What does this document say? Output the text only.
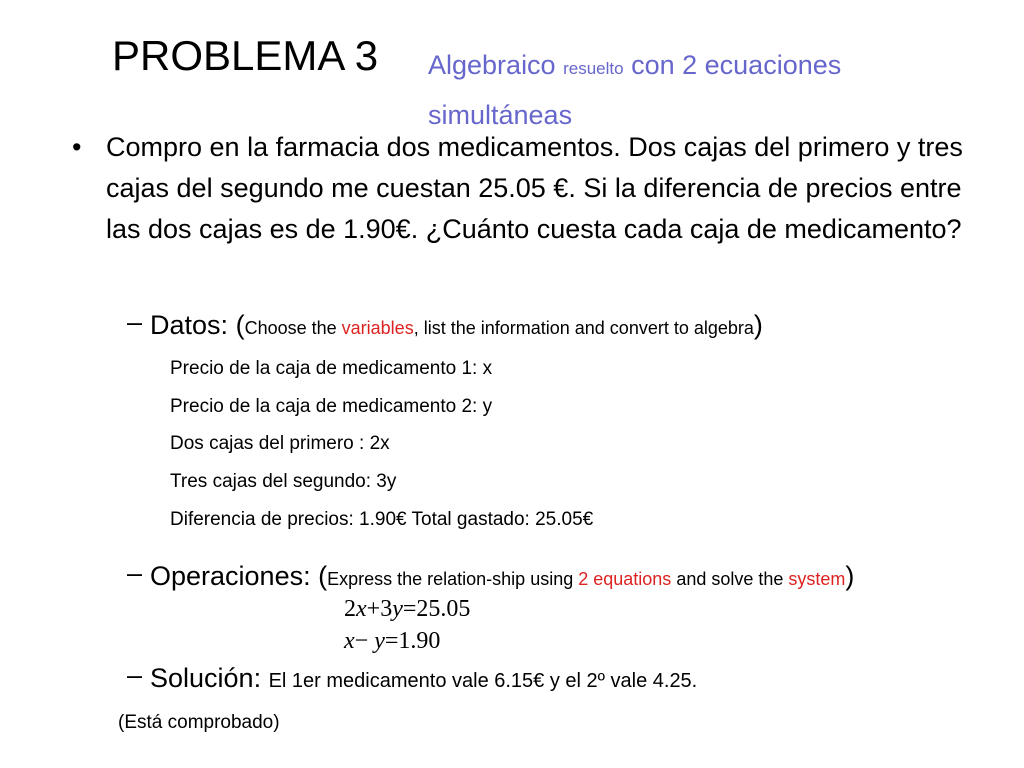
PROBLEMA 3 Algebraico resuelto con 2 ecuaciones simultáneas
• Compro en la farmacia dos medicamentos. Dos cajas del primero y tres cajas del segundo me cuestan 25.05 €. Si la diferencia de precios entre las dos cajas es de 1.90€. ¿Cuánto cuesta cada caja de medicamento?
– Datos: (Choose the variables, list the information and convert to algebra)
Precio de la caja de medicamento 1: x
Precio de la caja de medicamento 2: y
Dos cajas del primero : 2x
Tres cajas del segundo: 3y
Diferencia de precios: 1.90€ Total gastado: 25.05€
– Operaciones: (Express the relation-ship using 2 equations and solve the system)
2x+3y=25.05
x− y=1.90
– Solución: El 1er medicamento vale 6.15€ y el 2º vale 4.25.
(Está comprobado)
